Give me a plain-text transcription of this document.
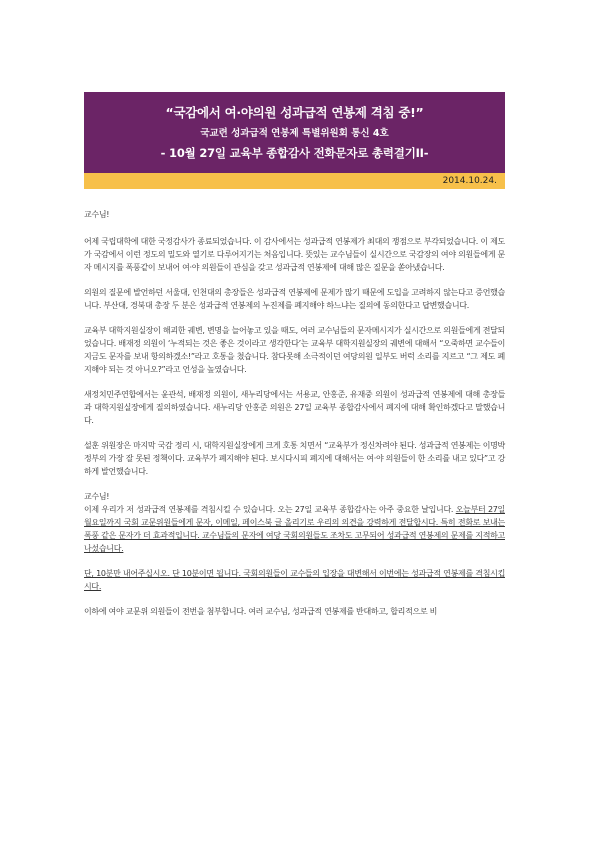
“국감에서 여·야의원 성과급적 연봉제 격침 중!”
국교련 성과급적 연봉제 특별위원회 통신 4호
- 10월 27일 교육부 종합감사 전화문자로 총력결기II-
2014.10.24.

교수님!

어제 국립대학에 대한 국정감사가 종료되었습니다. 이 감사에서는 성과급적 연봉제가 최대의 쟁점으로 부각되었습니다. 이 제도가 국감에서 이런 정도의 밀도와 열기로 다루어지기는 처음입니다. 뜻있는 교수님들이 실시간으로 국감장의 여야 의원들에게 문자 메시지를 폭풍같이 보내어 여·야 의원들이 관심을 갖고 성과급적 연봉제에 대해 많은 질문을 쏟아냈습니다.

의원의 질문에 발언하던 서울대, 인천대의 총장들은 성과급적 연봉제에 문제가 많기 때문에 도입을 고려하지 않는다고 증언했습니다. 부산대, 경북대 총장 두 분은 성과급적 연봉제의 누진제를 폐지해야 하느냐는 질의에 동의한다고 답변했습니다.

교육부 대학지원실장이 해괴한 궤변, 변명을 늘어놓고 있을 때도, 여러 교수님들의 문자메시지가 실시간으로 의원들에게 전달되었습니다. 배재정 의원이 ‘누적되는 것은 좋은 것이라고 생각한다’는 교육부 대학지원실장의 궤변에 대해서 “오죽하면 교수들이 지금도 문자를 보내 항의하겠소!”라고 호통을 쳤습니다. 참다못해 소극적이던 여당의원 일부도 버럭 소리를 지르고 “그 제도 폐지해야 되는 것 아니오?”라고 언성을 높였습니다.

새정치민주연합에서는 윤관석, 배재정 의원이, 새누리당에서는 서용교, 안홍준, 유재중 의원이 성과급적 연봉제에 대해 총장들과 대학지원실장에게 질의하였습니다. 새누리당 안홍준 의원은 27일 교육부 종합감사에서 폐지에 대해 확인하겠다고 말했습니다.

설훈 위원장은 마지막 국감 정리 시, 대학지원실장에게 크게 호통 치면서 “교육부가 정신차려야 된다. 성과급적 연봉제는 이명박 정부의 가장 잘 못된 정책이다. 교육부가 폐지해야 된다. 보시다시피 폐지에 대해서는 여·야 의원들이 한 소리를 내고 있다”고 강하게 발언했습니다.

교수님!

이제 우리가 저 성과급적 연봉제를 격침시킬 수 있습니다. 오는 27일 교육부 종합감사는 아주 중요한 날입니다. 오늘부터 27일 월요일까지 국회 교문위원들에게 문자, 이메일, 페이스북 글 올리기로 우리의 의견을 강력하게 전달합시다. 특히 전화로 보내는 폭풍 같은 문자가 더 효과적입니다. 교수님들의 문자에 여당 국회의원들도 조차도 고무되어 성과급적 연봉제의 문제를 지적하고 나섰습니다.

단, 10분만 내어주십시오. 단 10분이면 됩니다. 국회의원들이 교수들의 입장을 대변해서 이번에는 성과급적 연봉제를 격침시킵시다.

이하에 여야 교문위 의원들이 전번을 첨부합니다. 여러 교수님, 성과급적 연봉제를 반대하고, 합리적으로 비
